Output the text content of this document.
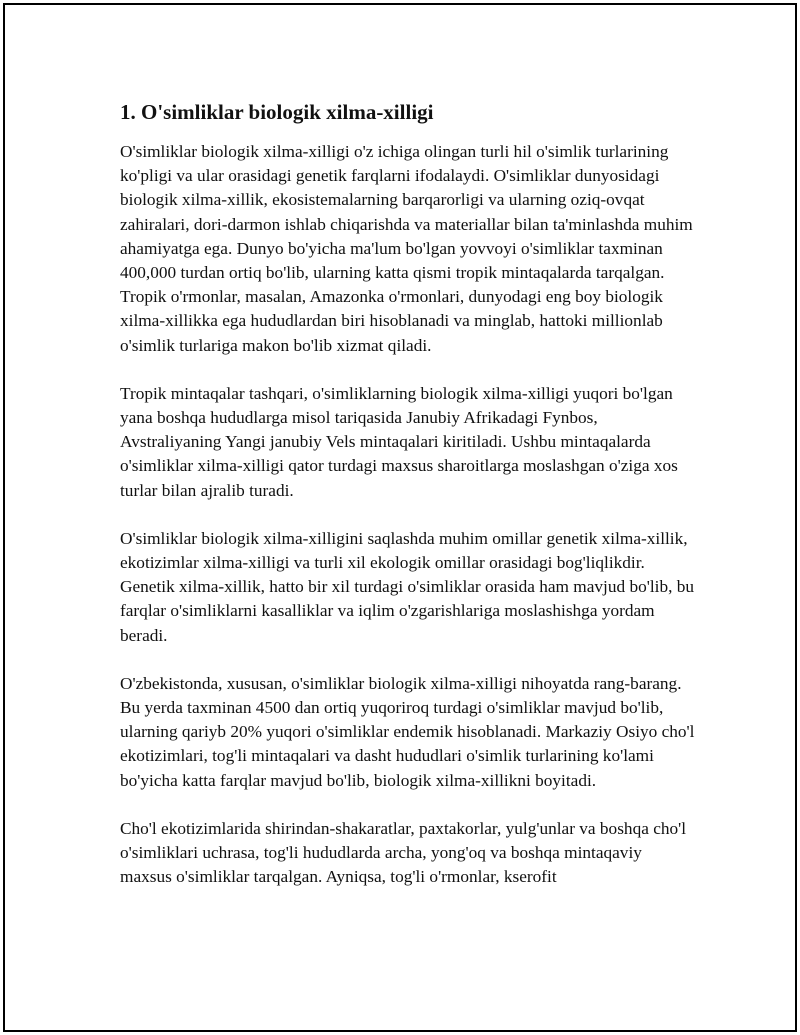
1. O'simliklar biologik xilma-xilligi

O'simliklar biologik xilma-xilligi o'z ichiga olingan turli hil o'simlik turlarining ko'pligi va ular orasidagi genetik farqlarni ifodalaydi. O'simliklar dunyosidagi biologik xilma-xillik, ekosistemalarning barqarorligi va ularning oziq-ovqat zahiralari, dori-darmon ishlab chiqarishda va materiallar bilan ta'minlashda muhim ahamiyatga ega. Dunyo bo'yicha ma'lum bo'lgan yovvoyi o'simliklar taxminan 400,000 turdan ortiq bo'lib, ularning katta qismi tropik mintaqalarda tarqalgan. Tropik o'rmonlar, masalan, Amazonka o'rmonlari, dunyodagi eng boy biologik xilma-xillikka ega hududlardan biri hisoblanadi va minglab, hattoki millionlab o'simlik turlariga makon bo'lib xizmat qiladi.

Tropik mintaqalar tashqari, o'simliklarning biologik xilma-xilligi yuqori bo'lgan yana boshqa hududlarga misol tariqasida Janubiy Afrikadagi Fynbos, Avstraliyaning Yangi janubiy Vels mintaqalari kiritiladi. Ushbu mintaqalarda o'simliklar xilma-xilligi qator turdagi maxsus sharoitlarga moslashgan o'ziga xos turlar bilan ajralib turadi.

O'simliklar biologik xilma-xilligini saqlashda muhim omillar genetik xilma-xillik, ekotizimlar xilma-xilligi va turli xil ekologik omillar orasidagi bog'liqlikdir. Genetik xilma-xillik, hatto bir xil turdagi o'simliklar orasida ham mavjud bo'lib, bu farqlar o'simliklarni kasalliklar va iqlim o'zgarishlariga moslashishga yordam beradi.

O'zbekistonda, xususan, o'simliklar biologik xilma-xilligi nihoyatda rang-barang. Bu yerda taxminan 4500 dan ortiq yuqoriroq turdagi o'simliklar mavjud bo'lib, ularning qariyb 20% yuqori o'simliklar endemik hisoblanadi. Markaziy Osiyo cho'l ekotizimlari, tog'li mintaqalari va dasht hududlari o'simlik turlarining ko'lami bo'yicha katta farqlar mavjud bo'lib, biologik xilma-xillikni boyitadi.

Cho'l ekotizimlarida shirindan-shakaratlar, paxtakorlar, yulg'unlar va boshqa cho'l o'simliklari uchrasa, tog'li hududlarda archa, yong'oq va boshqa mintaqaviy maxsus o'simliklar tarqalgan. Ayniqsa, tog'li o'rmonlar, kserofit
